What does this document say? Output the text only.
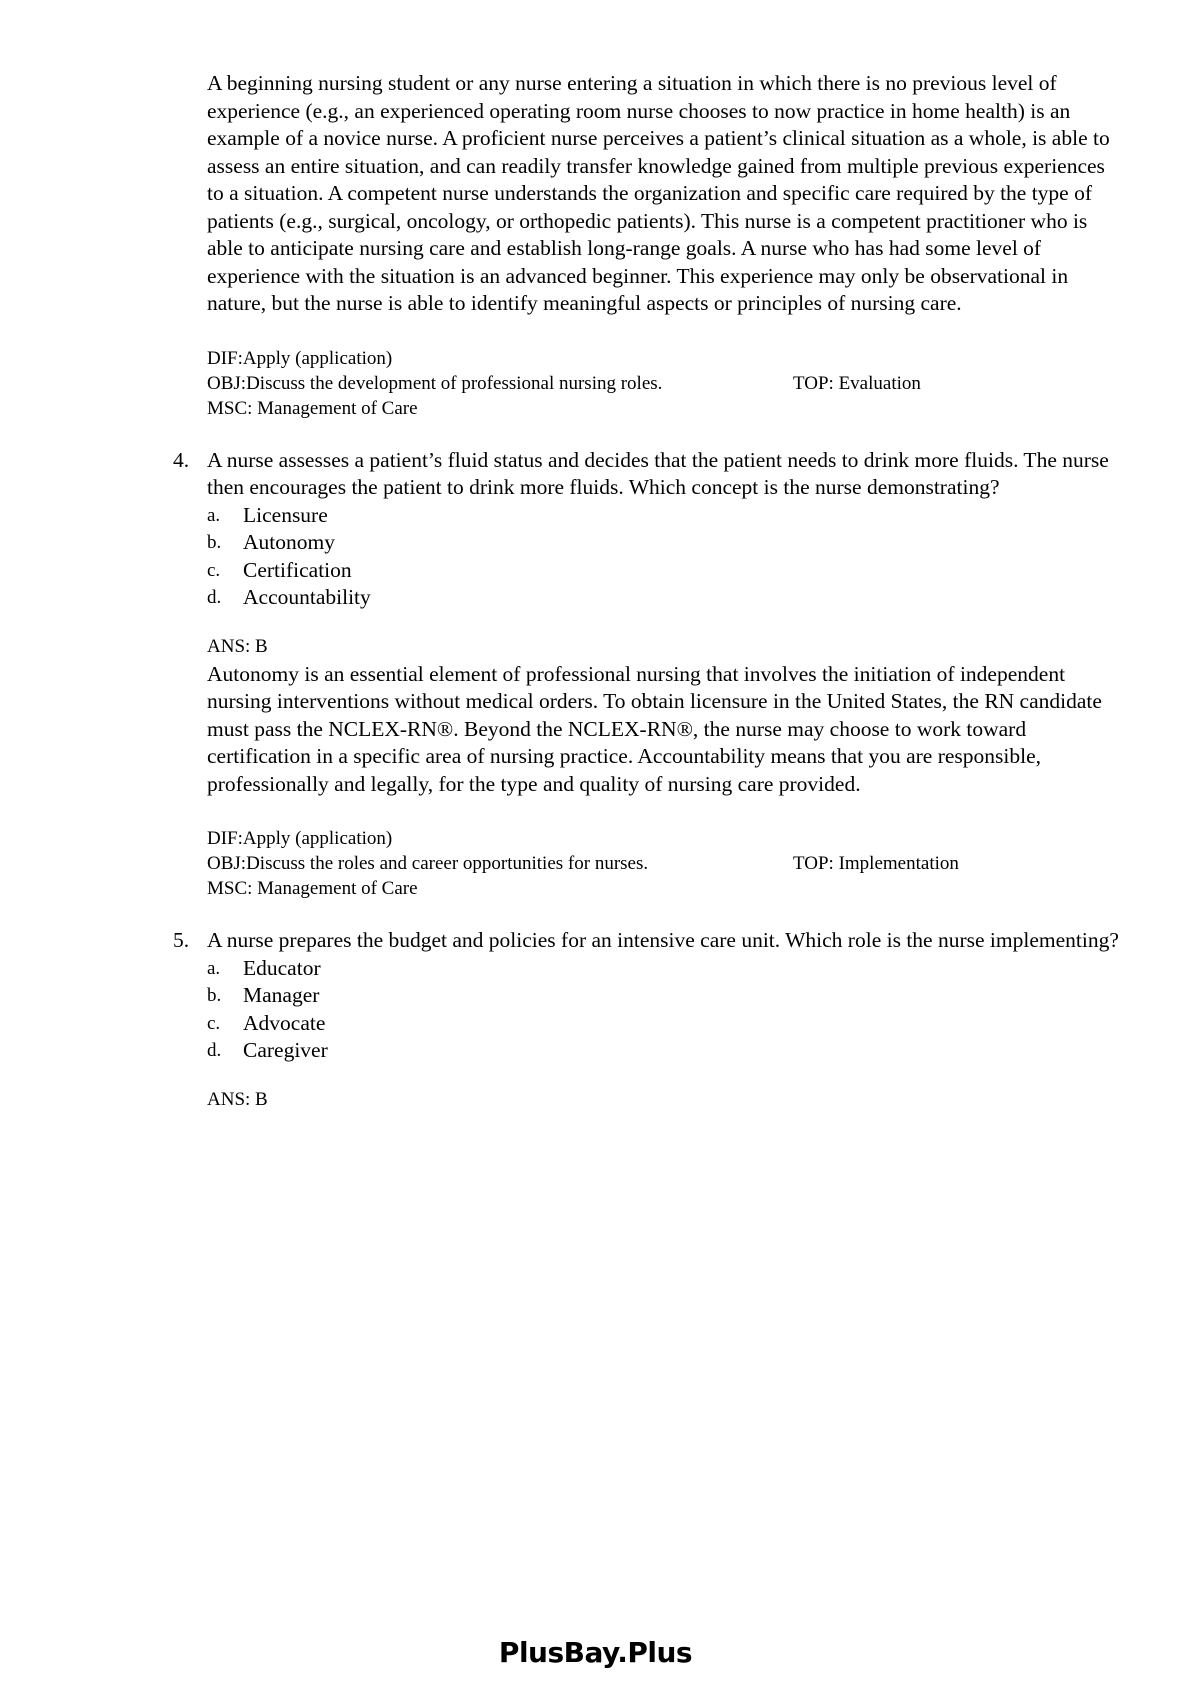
A beginning nursing student or any nurse entering a situation in which there is no previous level of experience (e.g., an experienced operating room nurse chooses to now practice in home health) is an example of a novice nurse. A proficient nurse perceives a patient’s clinical situation as a whole, is able to assess an entire situation, and can readily transfer knowledge gained from multiple previous experiences to a situation. A competent nurse understands the organization and specific care required by the type of patients (e.g., surgical, oncology, or orthopedic patients). This nurse is a competent practitioner who is able to anticipate nursing care and establish long-range goals. A nurse who has had some level of experience with the situation is an advanced beginner. This experience may only be observational in nature, but the nurse is able to identify meaningful aspects or principles of nursing care.

DIF:Apply (application)
OBJ:Discuss the development of professional nursing roles.	TOP: Evaluation
MSC: Management of Care
4. A nurse assesses a patient’s fluid status and decides that the patient needs to drink more fluids. The nurse then encourages the patient to drink more fluids. Which concept is the nurse demonstrating?

a. Licensure
b. Autonomy
c. Certification
d. Accountability
ANS: B

Autonomy is an essential element of professional nursing that involves the initiation of independent nursing interventions without medical orders. To obtain licensure in the United States, the RN candidate must pass the NCLEX-RN®. Beyond the NCLEX-RN®, the nurse may choose to work toward certification in a specific area of nursing practice. Accountability means that you are responsible, professionally and legally, for the type and quality of nursing care provided.

DIF:Apply (application)
OBJ:Discuss the roles and career opportunities for nurses.	TOP: Implementation
MSC: Management of Care
5. A nurse prepares the budget and policies for an intensive care unit. Which role is the nurse implementing?

a. Educator
b. Manager
c. Advocate
d. Caregiver
ANS: B
PlusBay.Plus
